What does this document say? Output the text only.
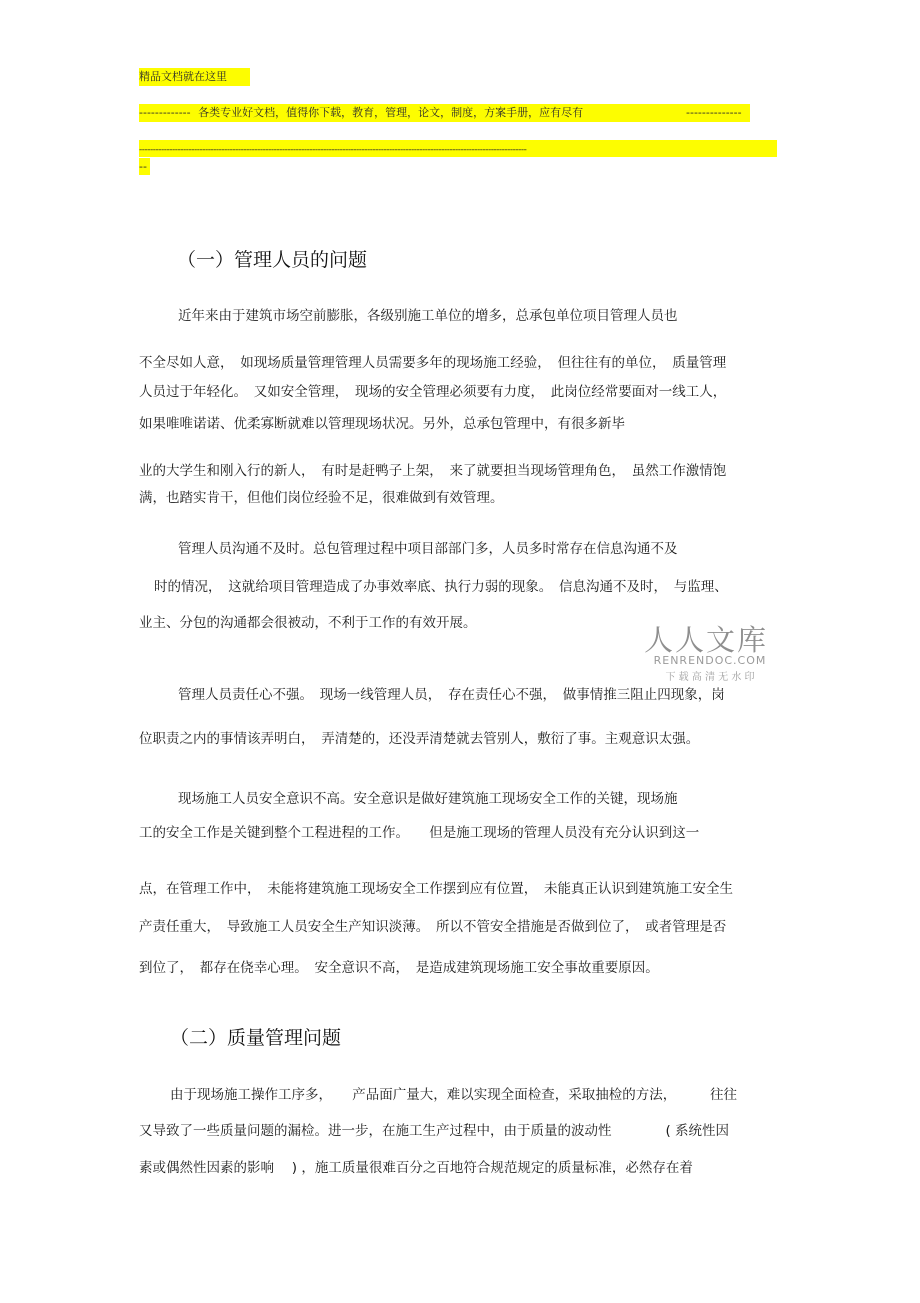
精品文档就在这里
------------- 各类专业好文档，值得你下载，教育，管理，论文，制度，方案手册，应有尽有	--------------
---------------------------------------------------------------------------------------------------------------------------------------------
--
（一）管理人员的问题
近年来由于建筑市场空前膨胀，各级别施工单位的增多，总承包单位项目管理人员也
不全尽如人意，　如现场质量管理管理人员需要多年的现场施工经验，　但往往有的单位，　质量管理
人员过于年轻化。　又如安全管理，　现场的安全管理必须要有力度，　此岗位经常要面对一线工人，
如果唯唯诺诺、优柔寡断就难以管理现场状况。另外，总承包管理中，有很多新毕
业的大学生和刚入行的新人，　有时是赶鸭子上架，　来了就要担当现场管理角色，　虽然工作激情饱
满，也踏实肯干，但他们岗位经验不足，很难做到有效管理。
管理人员沟通不及时。总包管理过程中项目部部门多，人员多时常存在信息沟通不及
时的情况，　这就给项目管理造成了办事效率底、执行力弱的现象。　信息沟通不及时，　与监理、
业主、分包的沟通都会很被动，不利于工作的有效开展。
管理人员责任心不强。　现场一线管理人员，　存在责任心不强，　做事情推三阻止四现象，岗
位职责之内的事情该弄明白，　弄清楚的，还没弄清楚就去管别人，敷衍了事。主观意识太强。
现场施工人员安全意识不高。安全意识是做好建筑施工现场安全工作的关键，现场施
工的安全工作是关键到整个工程进程的工作。　　但是施工现场的管理人员没有充分认识到这一
点，在管理工作中，　未能将建筑施工现场安全工作摆到应有位置，　未能真正认识到建筑施工安全生
产责任重大，　导致施工人员安全生产知识淡薄。　所以不管安全措施是否做到位了，　或者管理是否
到位了，　都存在侥幸心理。　安全意识不高，　是造成建筑现场施工安全事故重要原因。
（二）质量管理问题
由于现场施工操作工序多，　　产品面广量大，难以实现全面检查，采取抽检的方法，　　　往往
又导致了一些质量问题的漏检。进一步，在施工生产过程中，由于质量的波动性　　　　( 系统性因
素或偶然性因素的影响　 ) ，施工质量很难百分之百地符合规范规定的质量标准，必然存在着
人人文库
RENRENDOC.COM
下 载 高 清 无 水 印
